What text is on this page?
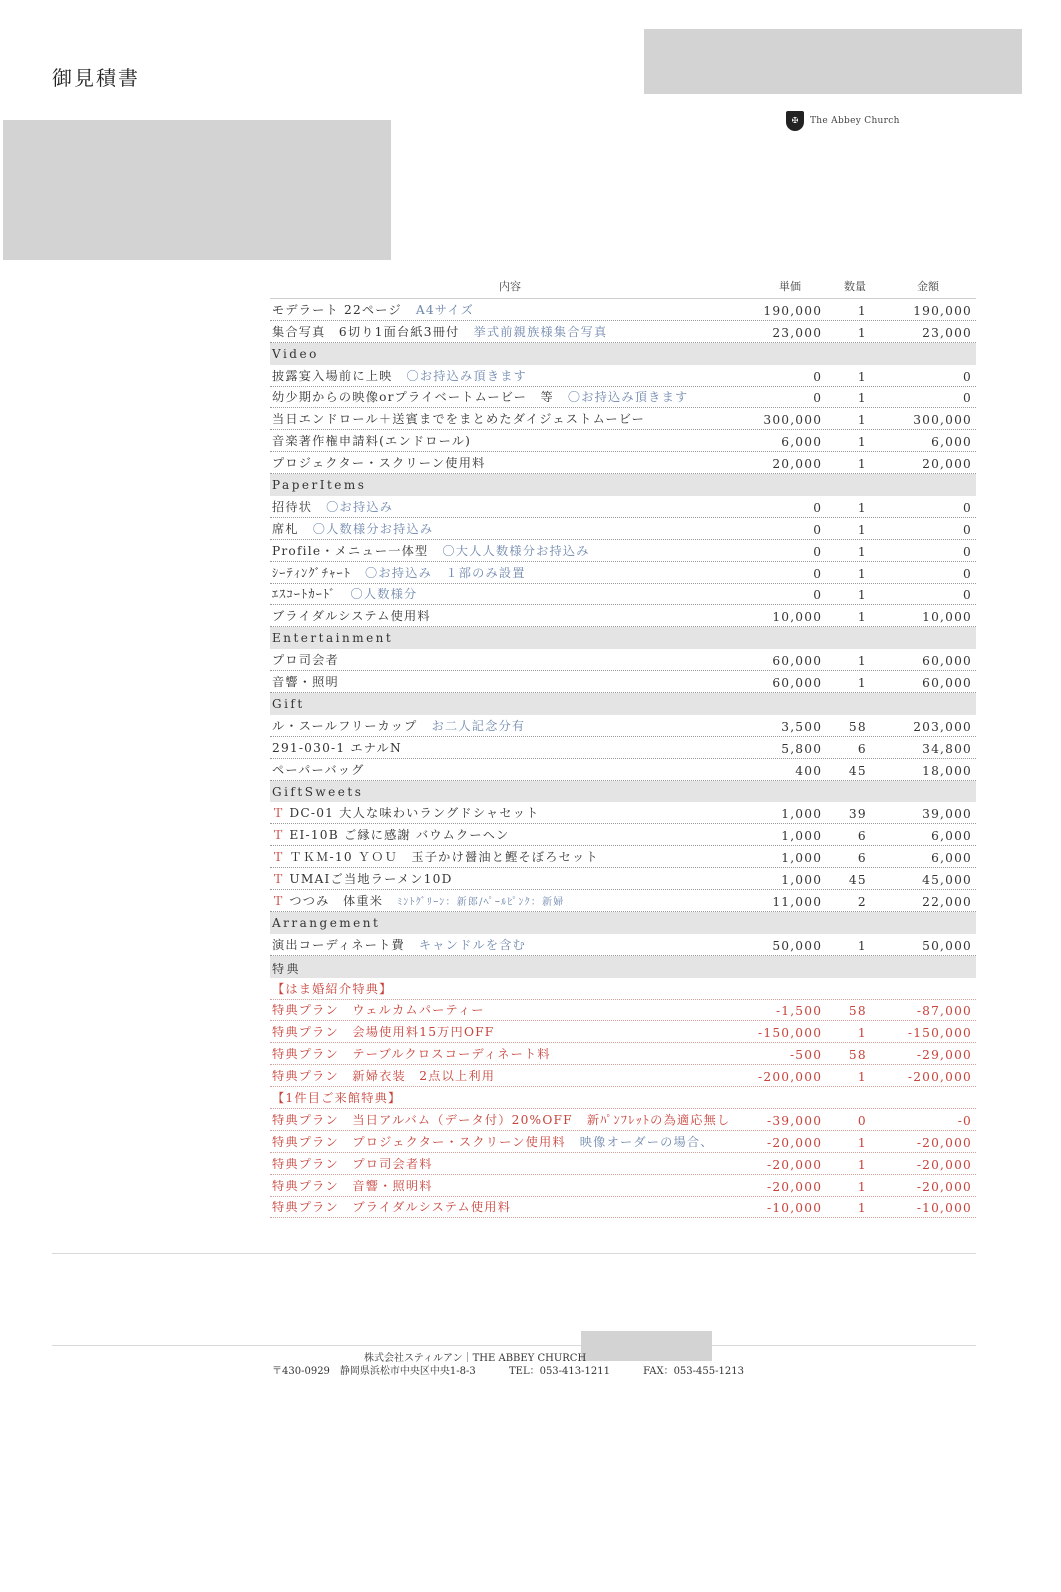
御見積書
✠	The Abbey Church
内容	単価	数量	金額
モデラート 22ページ A4サイズ	190,000	1	190,000
集合写真　6切り1面台紙3冊付 挙式前親族様集合写真	23,000	1	23,000
Video
披露宴入場前に上映 〇お持込み頂きます	0	1	0
幼少期からの映像orプライベートムービー　等 〇お持込み頂きます	0	1	0
当日エンドロール＋送賓までをまとめたダイジェストムービー	300,000	1	300,000
音楽著作権申請料(エンドロール)	6,000	1	6,000
プロジェクター・スクリーン使用料	20,000	1	20,000
PaperItems
招待状 〇お持込み	0	1	0
席札 〇人数様分お持込み	0	1	0
Profile・メニュー一体型 〇大人人数様分お持込み	0	1	0
ｼｰﾃｨﾝｸﾞﾁｬｰﾄ 〇お持込み　１部のみ設置	0	1	0
ｴｽｺｰﾄｶｰﾄﾞ 〇人数様分	0	1	0
ブライダルシステム使用料	10,000	1	10,000
Entertainment
プロ司会者	60,000	1	60,000
音響・照明	60,000	1	60,000
Gift
ル・スールフリーカップ お二人記念分有	3,500	58	203,000
291-030-1 エナルN	5,800	6	34,800
ペーパーバッグ	400	45	18,000
GiftSweets
Ｔ DC-01 大人な味わいラングドシャセット	1,000	39	39,000
Ｔ EI-10B ご縁に感謝 バウムクーヘン	1,000	6	6,000
Ｔ ＴＫＭ-10 ＹＯＵ　玉子かけ醤油と鰹そぼろセット	1,000	6	6,000
Ｔ UMAIご当地ラーメン10D	1,000	45	45,000
Ｔ つつみ　体重米 ﾐﾝﾄｸﾞﾘｰﾝ：新郎/ﾍﾟｰﾙﾋﾟﾝｸ：新婦	11,000	2	22,000
Arrangement
演出コーディネート費 キャンドルを含む	50,000	1	50,000
特典
【はま婚紹介特典】
特典プラン　ウェルカムパーティー	-1,500	58	-87,000
特典プラン　会場使用料15万円OFF	-150,000	1	-150,000
特典プラン　テーブルクロスコーディネート料	-500	58	-29,000
特典プラン　新婦衣装　2点以上利用	-200,000	1	-200,000
【1件目ご来館特典】
特典プラン　当日アルバム（データ付）20%OFF 新ﾊﾟﾝﾌﾚｯﾄの為適応無し	-39,000	0	-0
特典プラン　プロジェクター・スクリーン使用料 映像オーダーの場合、	-20,000	1	-20,000
特典プラン　プロ司会者料	-20,000	1	-20,000
特典プラン　音響・照明料	-20,000	1	-20,000
特典プラン　ブライダルシステム使用料	-10,000	1	-10,000
株式会社スティルアン｜THE ABBEY CHURCH
〒430-0929 静岡県浜松市中央区中央1-8-3	TEL：053-413-1211	FAX：053-455-1213
